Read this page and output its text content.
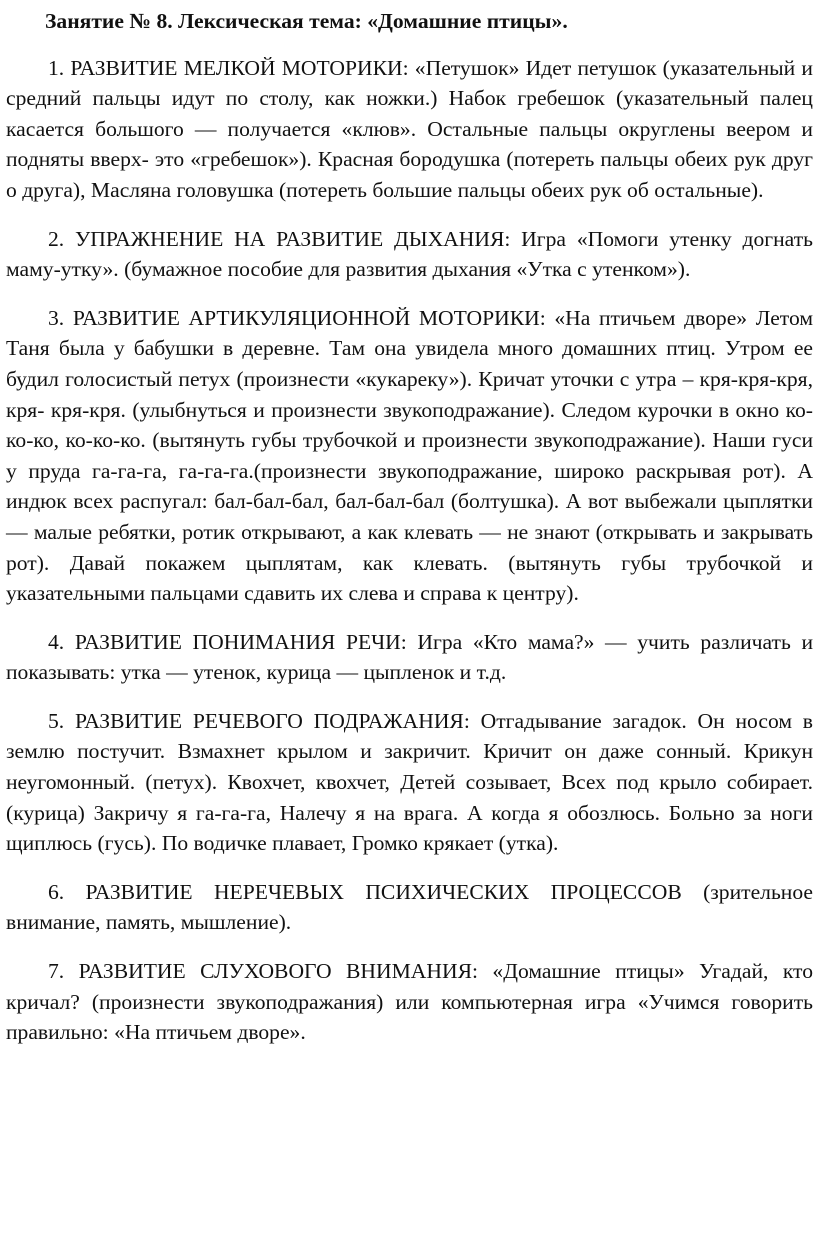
Занятие № 8. Лексическая тема: «Домашние птицы».

1. РАЗВИТИЕ МЕЛКОЙ МОТОРИКИ: «Петушок» Идет петушок (указательный и средний пальцы идут по столу, как ножки.) Набок гребешок (указательный палец касается большого — получается «клюв». Остальные пальцы округлены веером и подняты вверх- это «гребешок»). Красная бородушка (потереть пальцы обеих рук друг о друга), Масляна головушка (потереть большие пальцы обеих рук об остальные).

2. УПРАЖНЕНИЕ НА РАЗВИТИЕ ДЫХАНИЯ: Игра «Помоги утенку догнать маму-утку». (бумажное пособие для развития дыхания «Утка с утенком»).

3. РАЗВИТИЕ АРТИКУЛЯЦИОННОЙ МОТОРИКИ: «На птичьем дворе» Летом Таня была у бабушки в деревне. Там она увидела много домашних птиц. Утром ее будил голосистый петух (произнести «кукареку»). Кричат уточки с утра – кря-кря-кря, кря- кря-кря. (улыбнуться и произнести звукоподражание). Следом курочки в окно ко-ко-ко, ко-ко-ко. (вытянуть губы трубочкой и произнести звукоподражание). Наши гуси у пруда га-га-га, га-га-га.(произнести звукоподражание, широко раскрывая рот). А индюк всех распугал: бал-бал-бал, бал-бал-бал (болтушка). А вот выбежали цыплятки — малые ребятки, ротик открывают, а как клевать — не знают (открывать и закрывать рот). Давай покажем цыплятам, как клевать. (вытянуть губы трубочкой и указательными пальцами сдавить их слева и справа к центру).

4. РАЗВИТИЕ ПОНИМАНИЯ РЕЧИ: Игра «Кто мама?» — учить различать и показывать: утка — утенок, курица — цыпленок и т.д.

5. РАЗВИТИЕ РЕЧЕВОГО ПОДРАЖАНИЯ: Отгадывание загадок. Он носом в землю постучит. Взмахнет крылом и закричит. Кричит он даже сонный. Крикун неугомонный. (петух). Квохчет, квохчет, Детей созывает, Всех под крыло собирает. (курица) Закричу я га-га-га, Налечу я на врага. А когда я обозлюсь. Больно за ноги щиплюсь (гусь). По водичке плавает, Громко крякает (утка).

6. РАЗВИТИЕ НЕРЕЧЕВЫХ ПСИХИЧЕСКИХ ПРОЦЕССОВ (зрительное внимание, память, мышление).

7. РАЗВИТИЕ СЛУХОВОГО ВНИМАНИЯ: «Домашние птицы» Угадай, кто кричал? (произнести звукоподражания) или компьютерная игра «Учимся говорить правильно: «На птичьем дворе».
